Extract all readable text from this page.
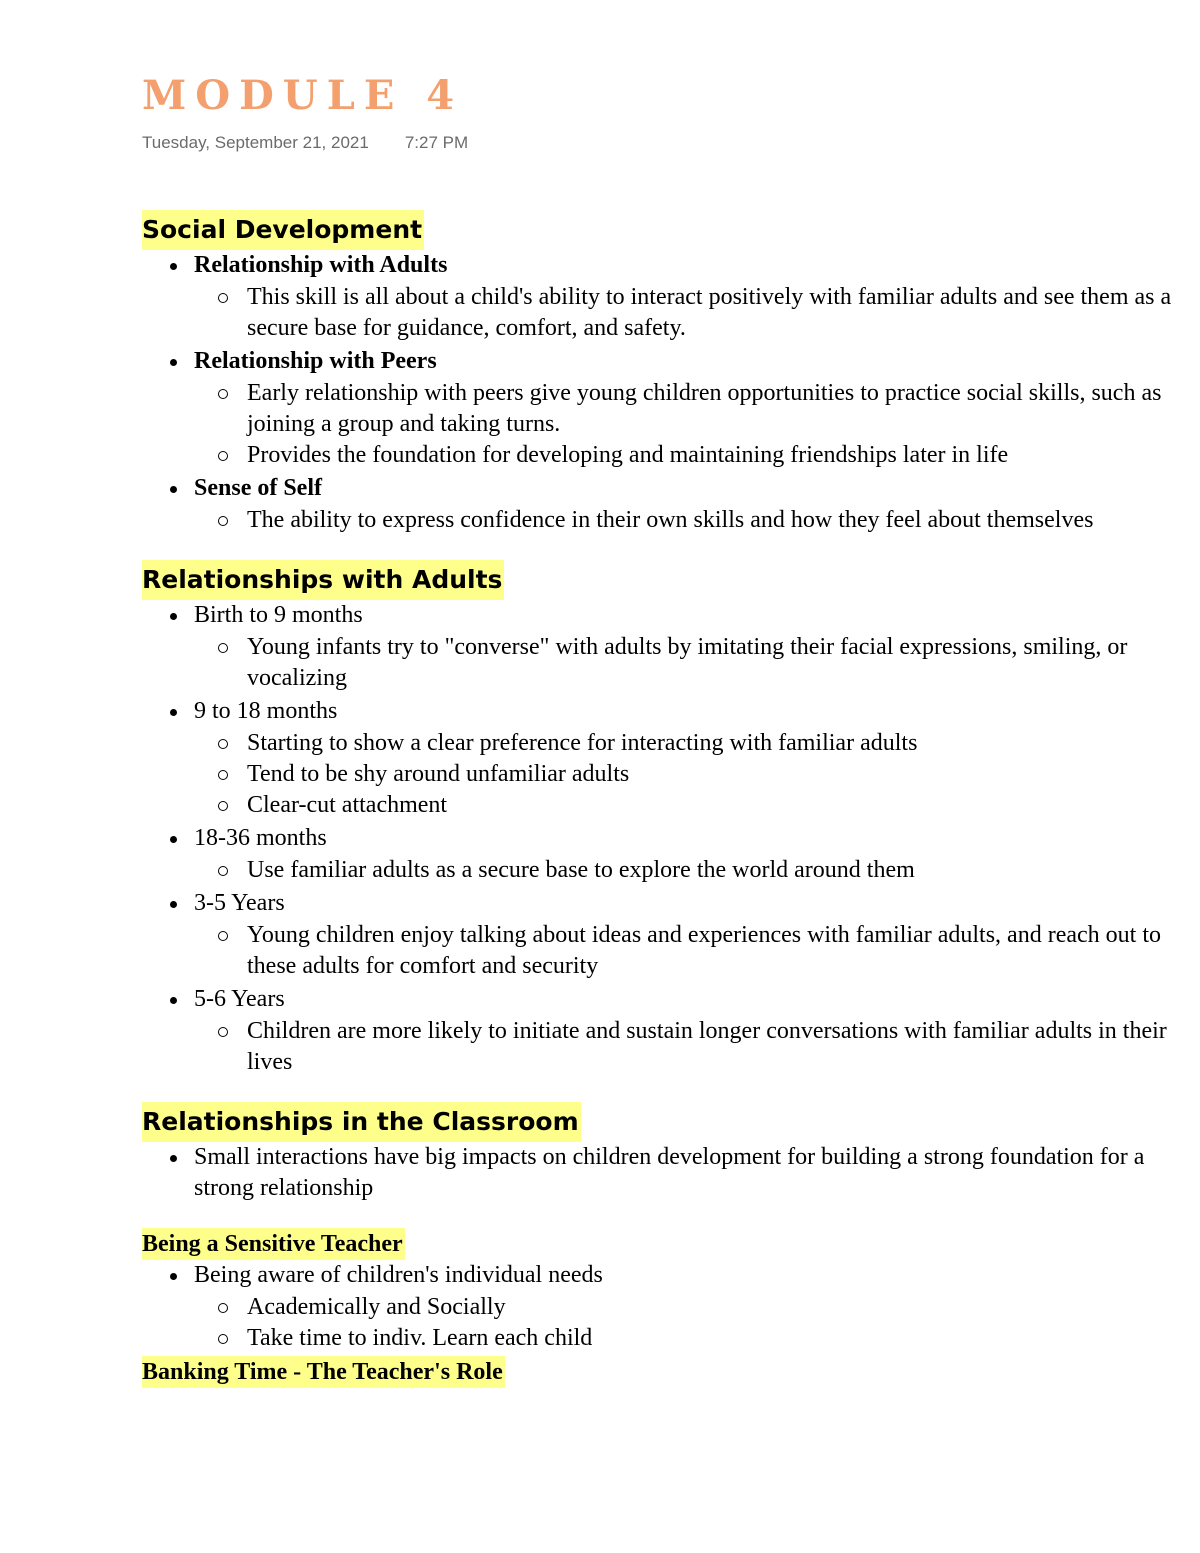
MODULE 4
Tuesday, September 21, 2021 7:27 PM
Social Development
Relationship with Adults
This skill is all about a child's ability to interact positively with familiar adults and see them as a secure base for guidance, comfort, and safety.
Relationship with Peers
Early relationship with peers give young children opportunities to practice social skills, such as joining a group and taking turns.
Provides the foundation for developing and maintaining friendships later in life
Sense of Self
The ability to express confidence in their own skills and how they feel about themselves
Relationships with Adults
Birth to 9 months
Young infants try to "converse" with adults by imitating their facial expressions, smiling, or vocalizing
9 to 18 months
Starting to show a clear preference for interacting with familiar adults
Tend to be shy around unfamiliar adults
Clear-cut attachment
18-36 months
Use familiar adults as a secure base to explore the world around them
3-5 Years
Young children enjoy talking about ideas and experiences with familiar adults, and reach out to these adults for comfort and security
5-6 Years
Children are more likely to initiate and sustain longer conversations with familiar adults in their lives
Relationships in the Classroom
Small interactions have big impacts on children development for building a strong foundation for a strong relationship
Being a Sensitive Teacher
Being aware of children's individual needs
Academically and Socially
Take time to indiv. Learn each child
Banking Time - The Teacher's Role
